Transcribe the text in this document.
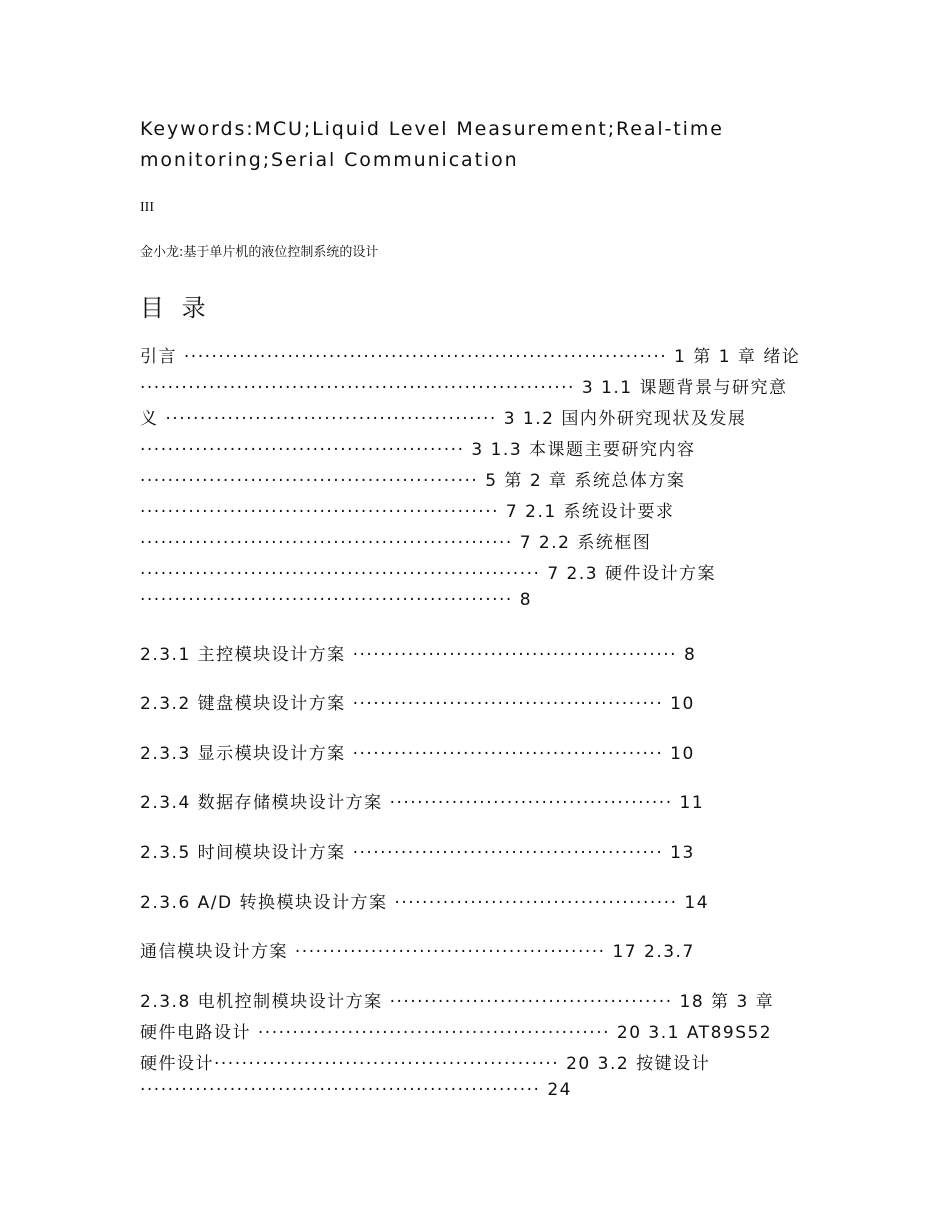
Keywords:MCU;Liquid Level Measurement;Real-time
monitoring;Serial Communication
III
金小龙:基于单片机的液位控制系统的设计
目 录
引言 ······································································ 1 第 1 章 绪论
······························································· 3 1.1 课题背景与研究意
义 ················································ 3 1.2 国内外研究现状及发展
··············································· 3 1.3 本课题主要研究内容
················································· 5 第 2 章 系统总体方案
···················································· 7 2.1 系统设计要求
······················································ 7 2.2 系统框图
·························································· 7 2.3 硬件设计方案
······················································ 8
2.3.1 主控模块设计方案 ··············································· 8
2.3.2 键盘模块设计方案 ············································· 10
2.3.3 显示模块设计方案 ············································· 10
2.3.4 数据存储模块设计方案 ········································· 11
2.3.5 时间模块设计方案 ············································· 13
2.3.6 A/D 转换模块设计方案 ········································· 14
通信模块设计方案 ············································· 17 2.3.7
2.3.8 电机控制模块设计方案 ········································· 18 第 3 章
硬件电路设计 ··················································· 20 3.1 AT89S52
硬件设计·················································· 20 3.2 按键设计
·························································· 24
